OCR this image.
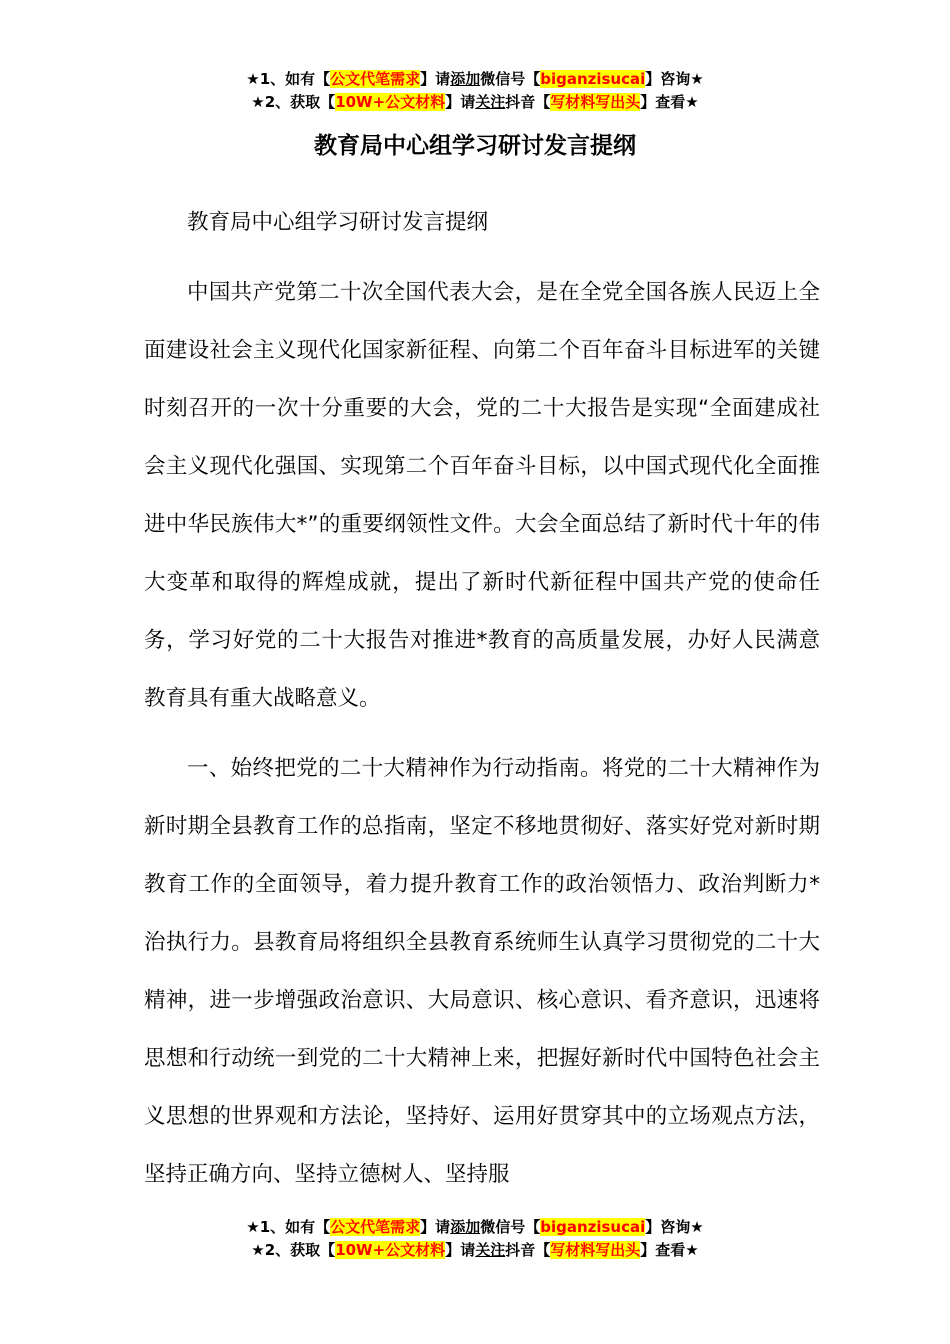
★1、如有【公文代笔需求】请添加微信号【biganzisucai】咨询★
★2、获取【10W+公文材料】请关注抖音【写材料写出头】查看★
教育局中心组学习研讨发言提纲

教育局中心组学习研讨发言提纲

中国共产党第二十次全国代表大会，是在全党全国各族人民迈上全面建设社会主义现代化国家新征程、向第二个百年奋斗目标进军的关键时刻召开的一次十分重要的大会，党的二十大报告是实现“全面建成社会主义现代化强国、实现第二个百年奋斗目标，以中国式现代化全面推进中华民族伟大*”的重要纲领性文件。大会全面总结了新时代十年的伟大变革和取得的辉煌成就，提出了新时代新征程中国共产党的使命任务，学习好党的二十大报告对推进*教育的高质量发展，办好人民满意教育具有重大战略意义。

一、始终把党的二十大精神作为行动指南。将党的二十大精神作为新时期全县教育工作的总指南，坚定不移地贯彻好、落实好党对新时期教育工作的全面领导，着力提升教育工作的政治领悟力、政治判断力*治执行力。县教育局将组织全县教育系统师生认真学习贯彻党的二十大精神，进一步增强政治意识、大局意识、核心意识、看齐意识，迅速将思想和行动统一到党的二十大精神上来，把握好新时代中国特色社会主义思想的世界观和方法论，坚持好、运用好贯穿其中的立场观点方法，坚持正确方向、坚持立德树人、坚持服

★1、如有【公文代笔需求】请添加微信号【biganzisucai】咨询★
★2、获取【10W+公文材料】请关注抖音【写材料写出头】查看★
